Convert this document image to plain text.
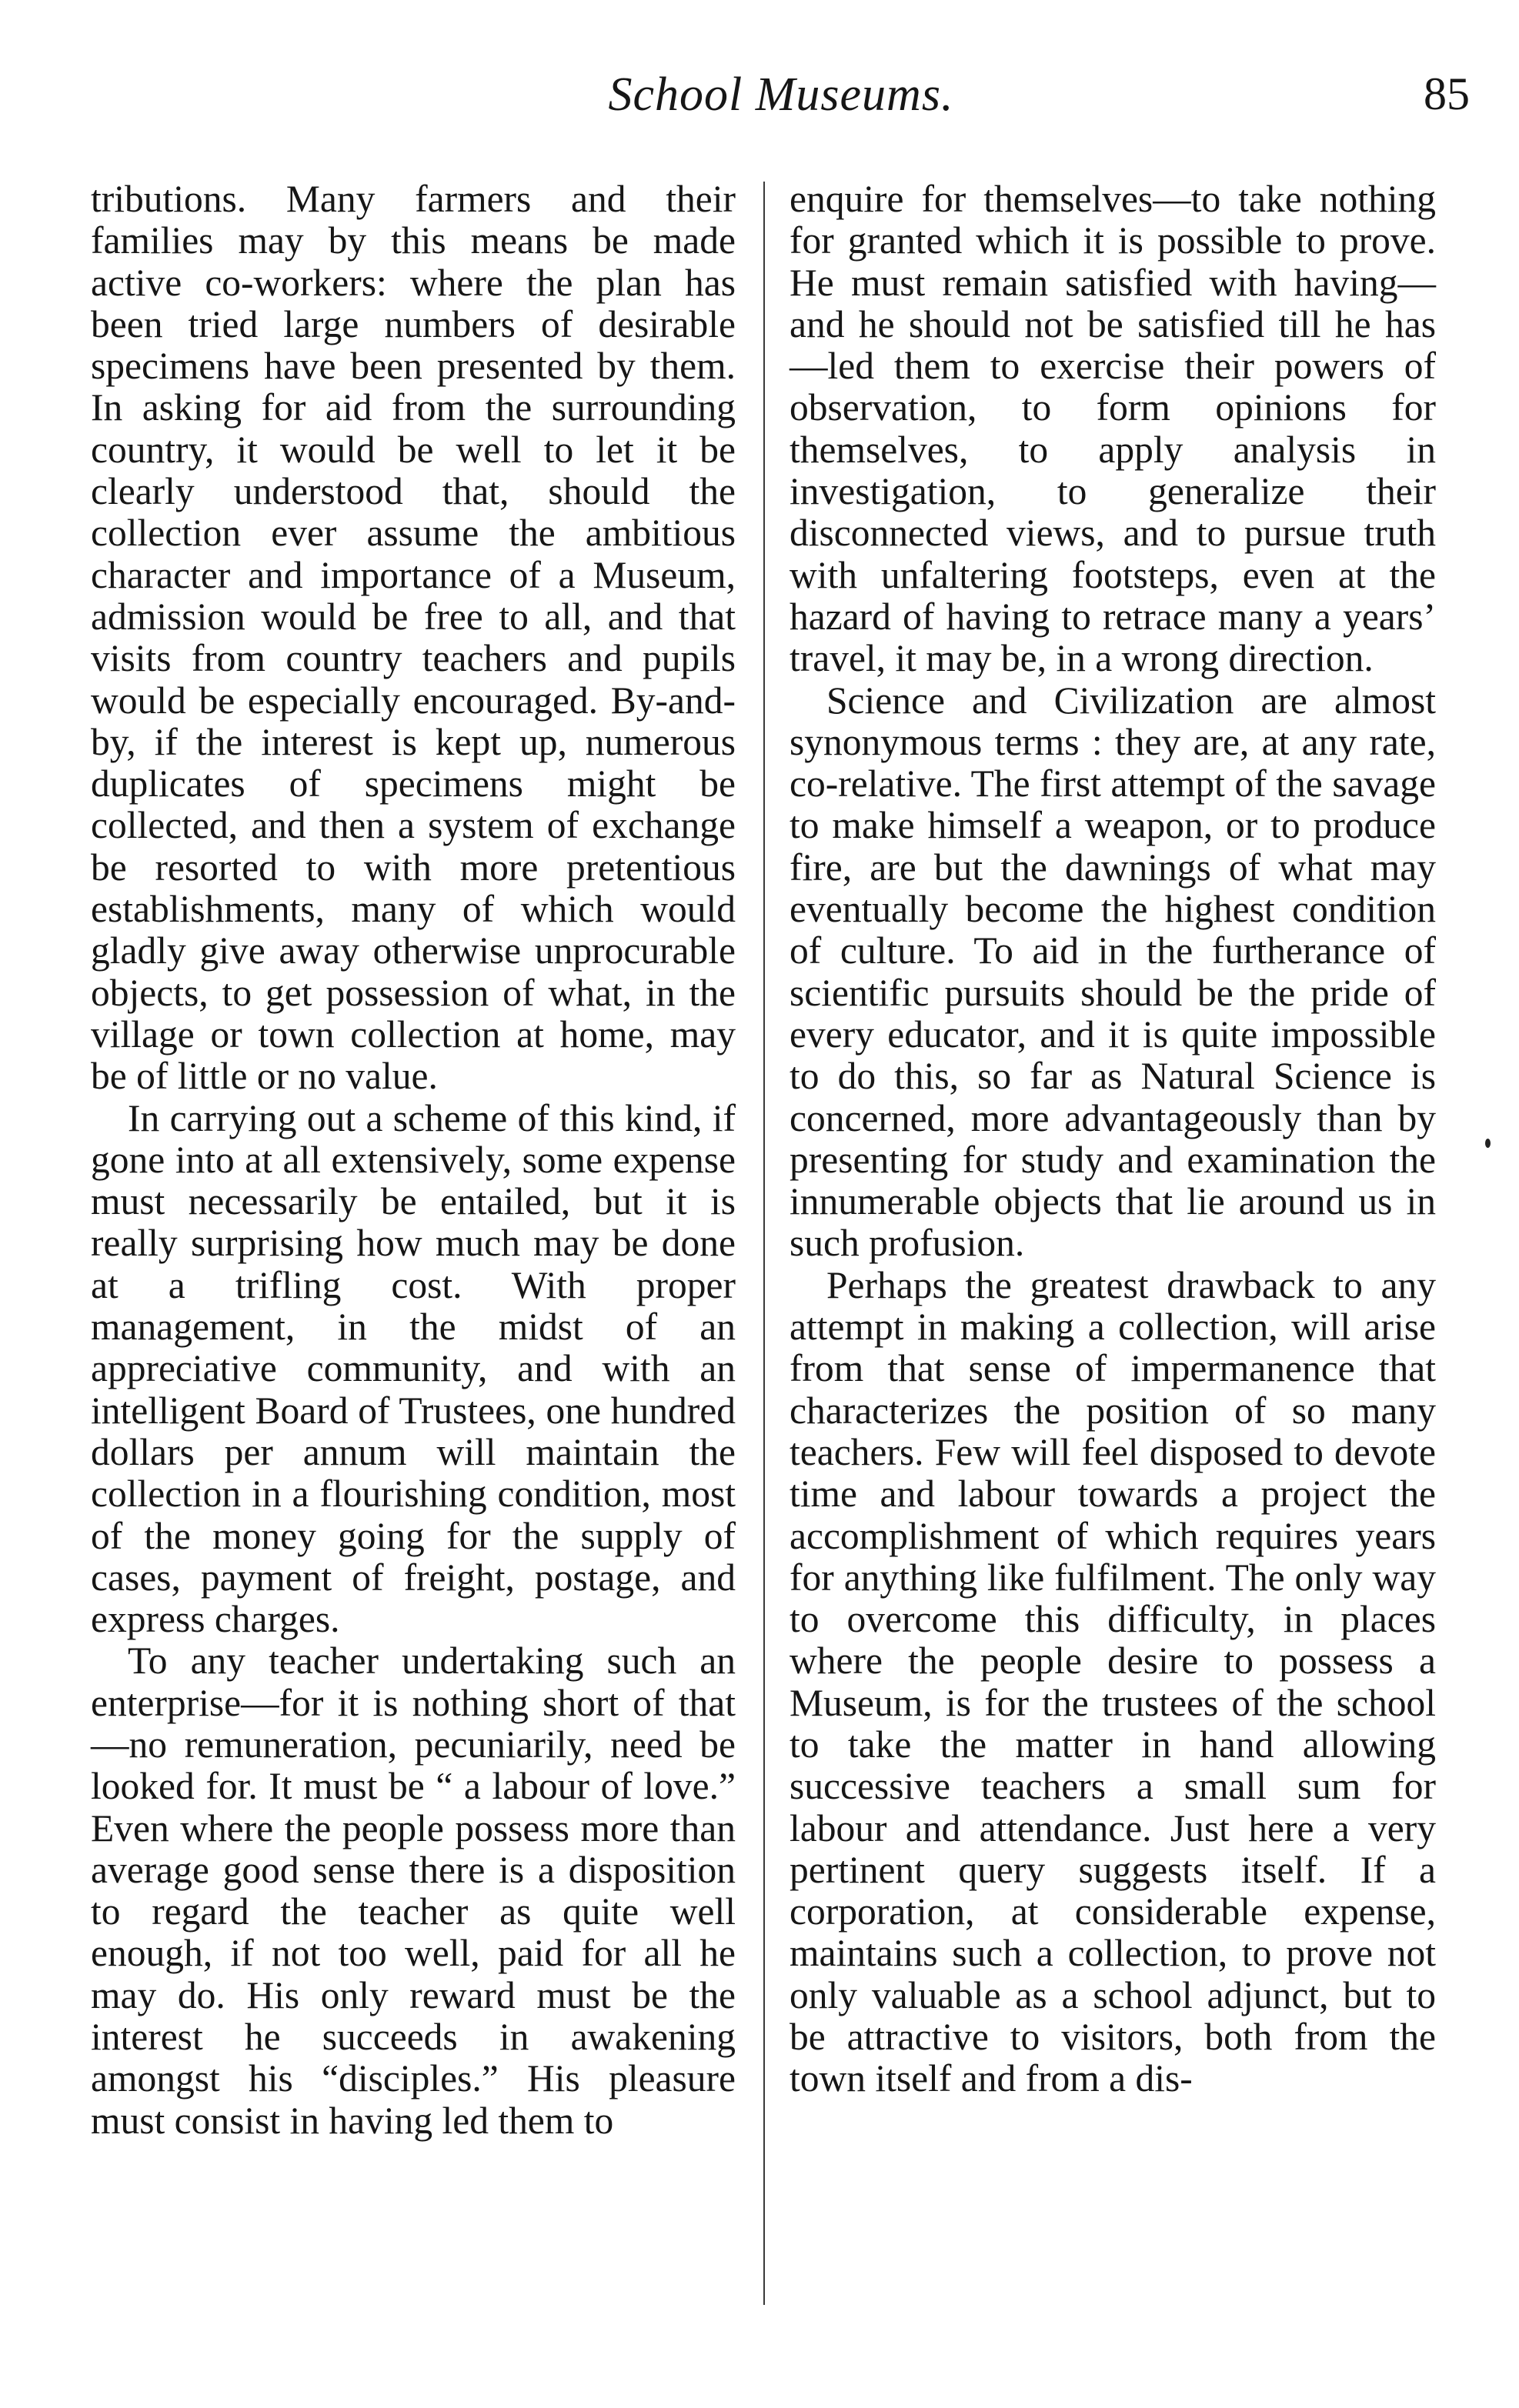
School Museums.	85

tributions. Many farmers and their families may by this means be made active co-workers: where the plan has been tried large numbers of desirable specimens have been presented by them. In asking for aid from the surrounding country, it would be well to let it be clearly understood that, should the collection ever assume the ambitious character and importance of a Museum, admission would be free to all, and that visits from country teachers and pupils would be especially encouraged. By-and-by, if the interest is kept up, numerous duplicates of specimens might be collected, and then a system of exchange be resorted to with more pretentious establishments, many of which would gladly give away otherwise unprocurable objects, to get possession of what, in the village or town collection at home, may be of little or no value.

In carrying out a scheme of this kind, if gone into at all extensively, some expense must necessarily be entailed, but it is really surprising how much may be done at a trifling cost. With proper management, in the midst of an appreciative community, and with an intelligent Board of Trustees, one hundred dollars per annum will maintain the collection in a flourishing condition, most of the money going for the supply of cases, payment of freight, postage, and express charges.

To any teacher undertaking such an enterprise—for it is nothing short of that—no remuneration, pecuniarily, need be looked for. It must be “ a labour of love.” Even where the people possess more than average good sense there is a disposition to regard the teacher as quite well enough, if not too well, paid for all he may do. His only reward must be the interest he succeeds in awakening amongst his “disciples.” His pleasure must consist in having led them to

enquire for themselves—to take nothing for granted which it is possible to prove. He must remain satisfied with having—and he should not be satisfied till he has—led them to exercise their powers of observation, to form opinions for themselves, to apply analysis in investigation, to generalize their disconnected views, and to pursue truth with unfaltering footsteps, even at the hazard of having to retrace many a years’ travel, it may be, in a wrong direction.

Science and Civilization are almost synonymous terms : they are, at any rate, co-relative. The first attempt of the savage to make himself a weapon, or to produce fire, are but the dawnings of what may eventually become the highest condition of culture. To aid in the furtherance of scientific pursuits should be the pride of every educator, and it is quite impossible to do this, so far as Natural Science is concerned, more advantageously than by presenting for study and examination the innumerable objects that lie around us in such profusion.

Perhaps the greatest drawback to any attempt in making a collection, will arise from that sense of impermanence that characterizes the position of so many teachers. Few will feel disposed to devote time and labour towards a project the accomplishment of which requires years for anything like fulfilment. The only way to overcome this difficulty, in places where the people desire to possess a Museum, is for the trustees of the school to take the matter in hand allowing successive teachers a small sum for labour and attendance. Just here a very pertinent query suggests itself. If a corporation, at considerable expense, maintains such a collection, to prove not only valuable as a school adjunct, but to be attractive to visitors, both from the town itself and from a dis-
